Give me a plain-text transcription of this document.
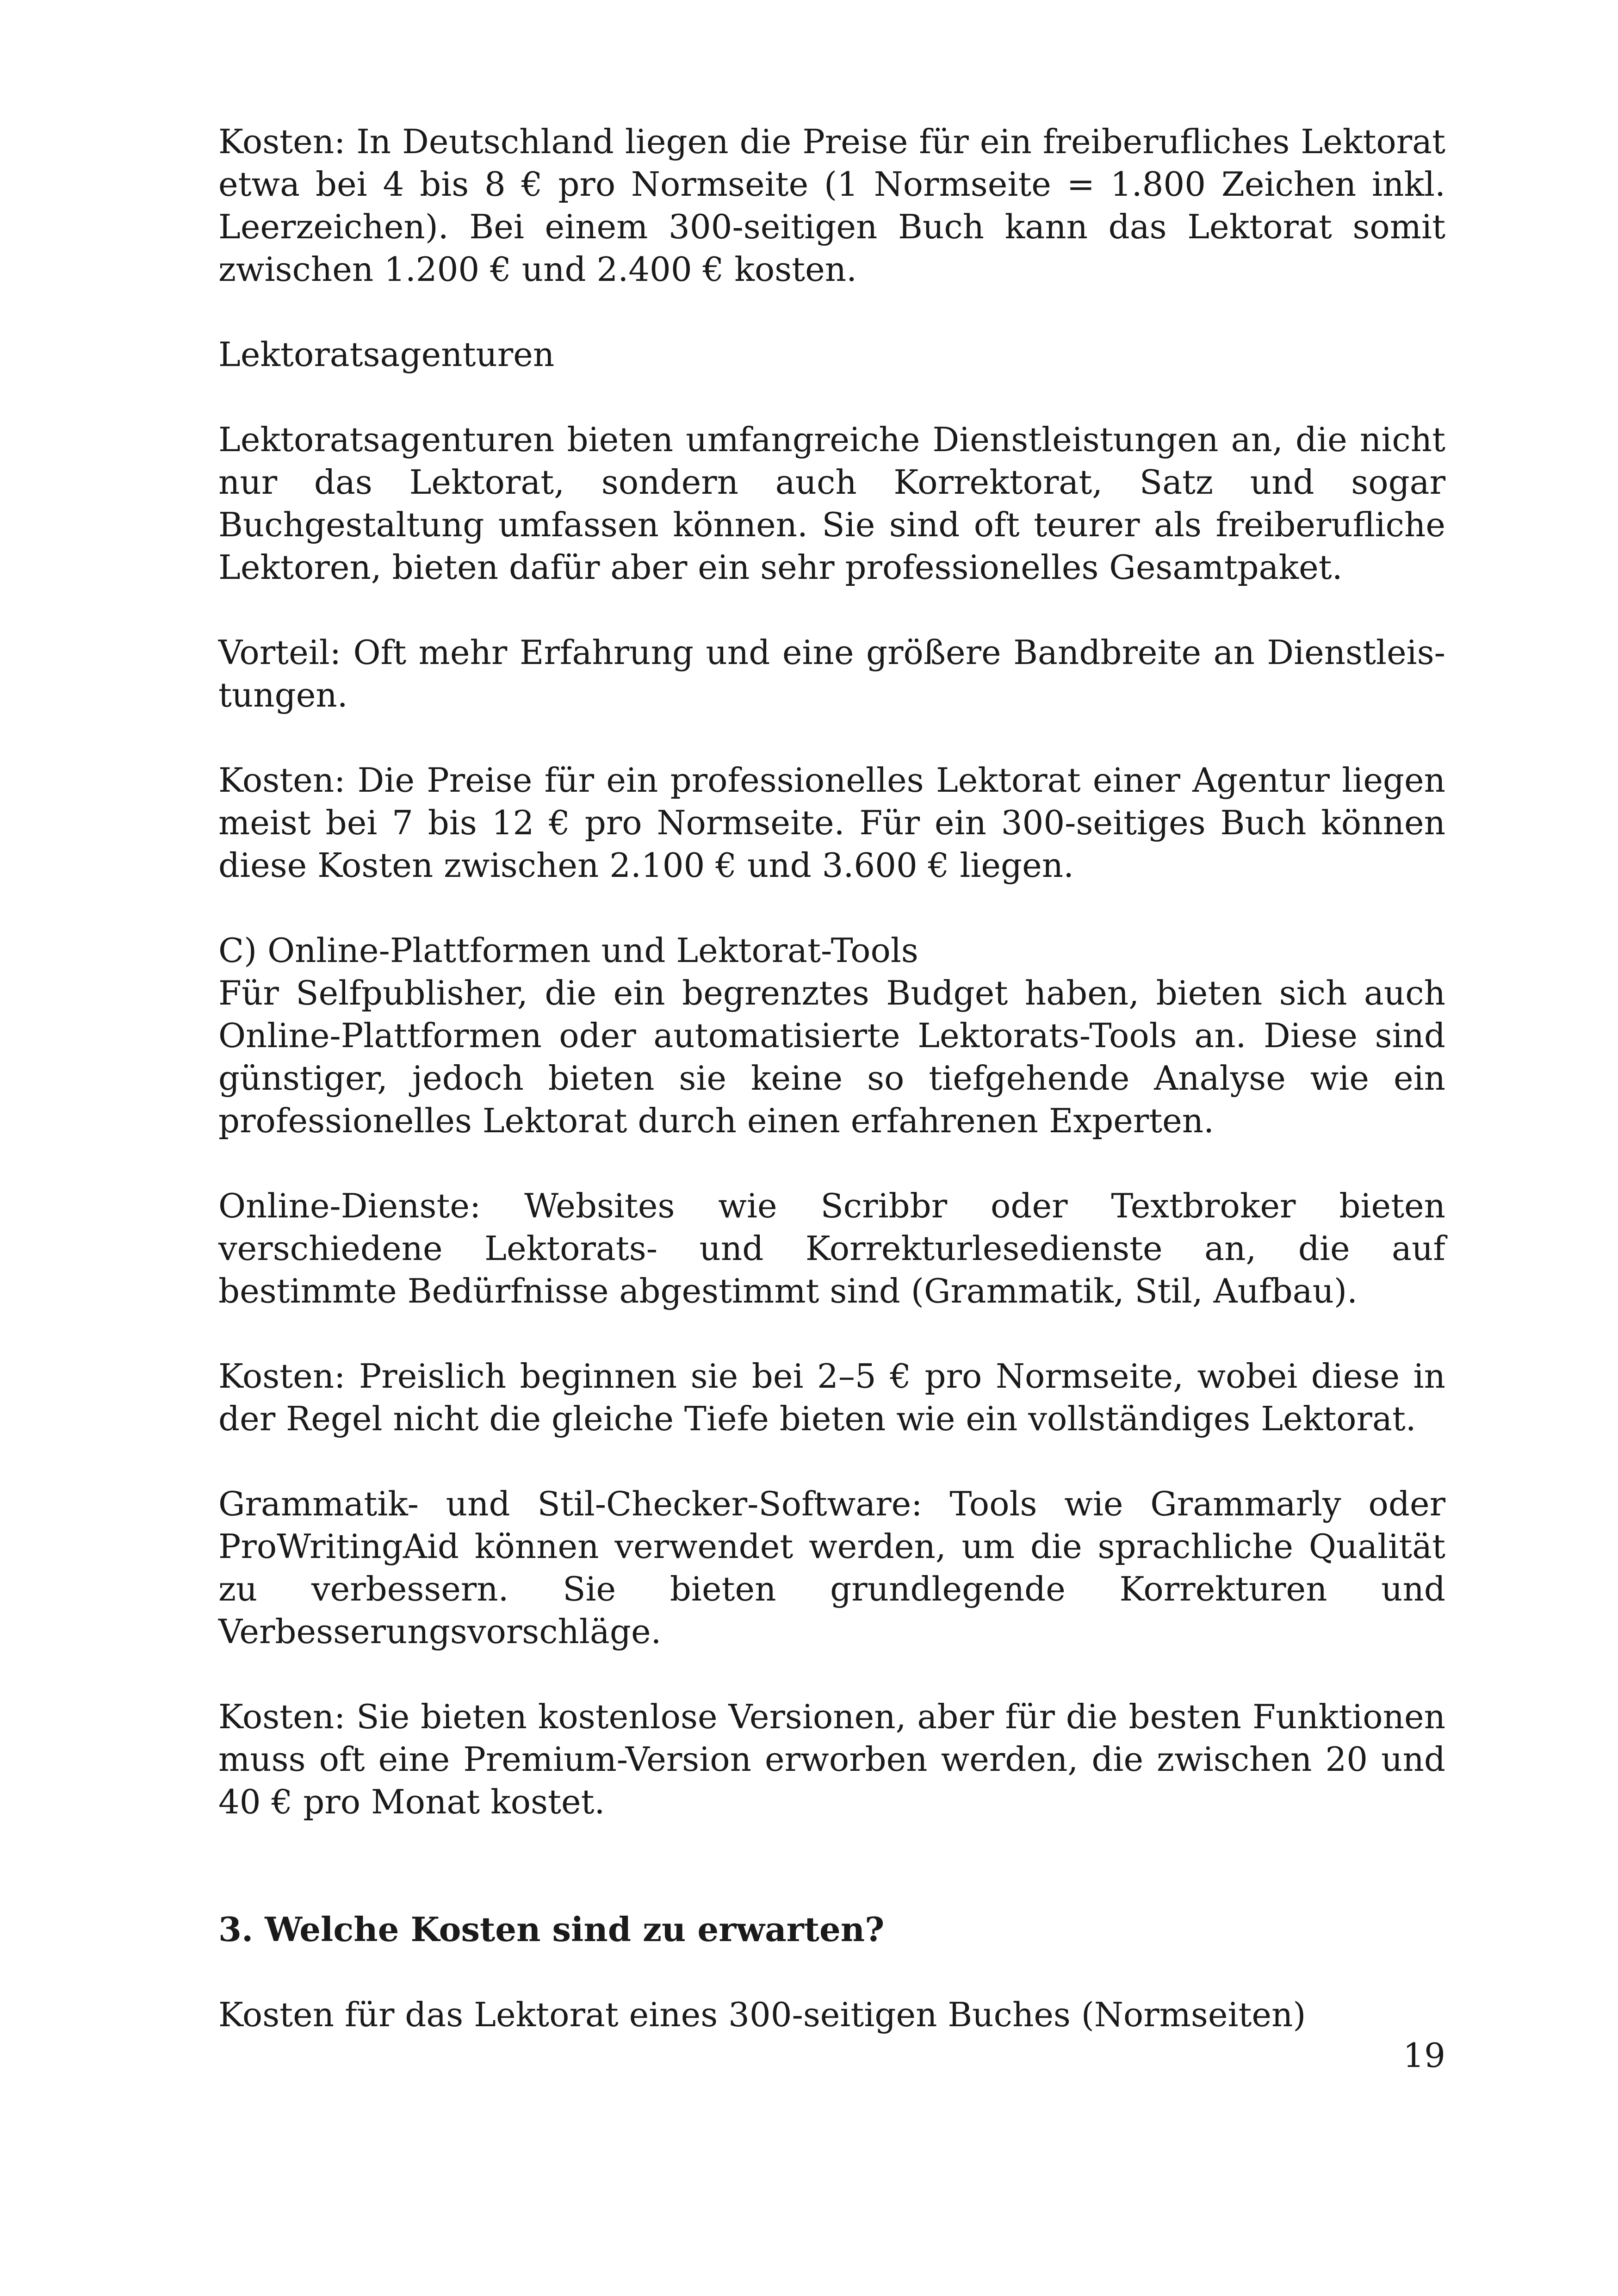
Kosten: In Deutschland liegen die Preise für ein freiberufliches Lektorat etwa bei 4 bis 8 € pro Normseite (1 Normseite = 1.800 Zeichen inkl. Leerzeichen). Bei einem 300-seitigen Buch kann das Lektorat somit zwischen 1.200 € und 2.400 € kosten.

Lektoratsagenturen

Lektoratsagenturen bieten umfangreiche Dienstleistungen an, die nicht nur das Lektorat, sondern auch Korrektorat, Satz und sogar Buchgestaltung umfassen können. Sie sind oft teurer als freiberufliche Lektoren, bieten dafür aber ein sehr professionelles Gesamtpaket.

Vorteil: Oft mehr Erfahrung und eine größere Bandbreite an Dienstleistungen.

Kosten: Die Preise für ein professionelles Lektorat einer Agentur liegen meist bei 7 bis 12 € pro Normseite. Für ein 300-seitiges Buch können diese Kosten zwischen 2.100 € und 3.600 € liegen.

C) Online-Plattformen und Lektorat-Tools

Für Selfpublisher, die ein begrenztes Budget haben, bieten sich auch Online-Plattformen oder automatisierte Lektorats-Tools an. Diese sind günstiger, jedoch bieten sie keine so tiefgehende Analyse wie ein professionelles Lektorat durch einen erfahrenen Experten.

Online-Dienste: Websites wie Scribbr oder Textbroker bieten verschiedene Lektorats- und Korrekturlesedienste an, die auf bestimmte Bedürfnisse abgestimmt sind (Grammatik, Stil, Aufbau).

Kosten: Preislich beginnen sie bei 2–5 € pro Normseite, wobei diese in der Regel nicht die gleiche Tiefe bieten wie ein vollständiges Lektorat.

Grammatik- und Stil-Checker-Software: Tools wie Grammarly oder ProWritingAid können verwendet werden, um die sprachliche Qualität zu verbessern. Sie bieten grundlegende Korrekturen und Verbesserungsvorschläge.

Kosten: Sie bieten kostenlose Versionen, aber für die besten Funktionen muss oft eine Premium-Version erworben werden, die zwischen 20 und 40 € pro Monat kostet.

3. Welche Kosten sind zu erwarten?

Kosten für das Lektorat eines 300-seitigen Buches (Normseiten)

19
